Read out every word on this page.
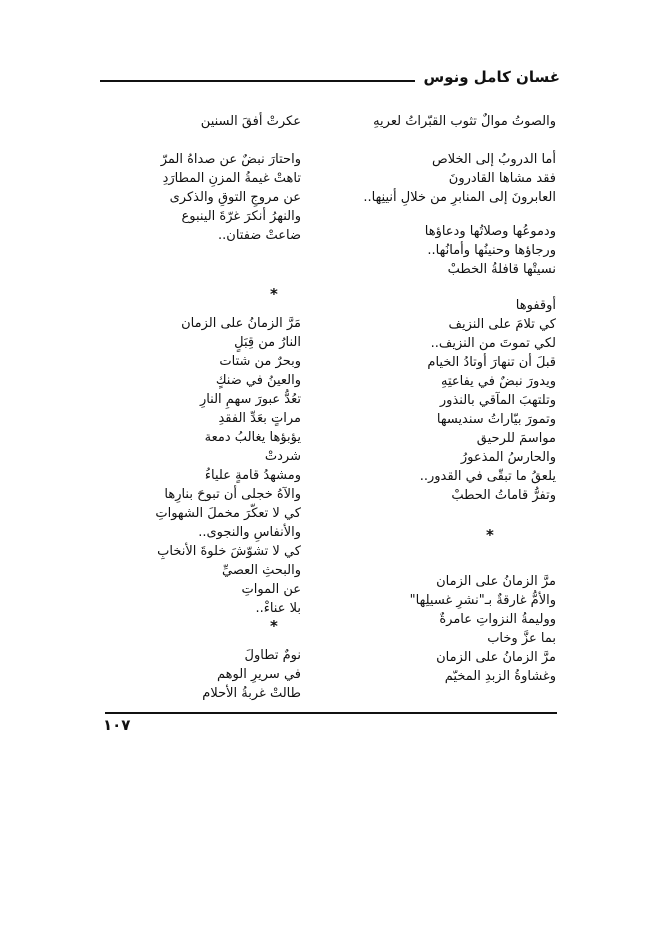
غسان كامل ونوس
والصوتُ موالٌ تثوب القبّراتُ لعريهِ
أما الدروبُ إلى الخلاص
فقد مشاها القادرونَ
العابرونَ إلى المنابرِ من خلالِ أنينِها..
ودموعُها وصلاتُها ودعاؤها
ورجاؤها وحنينُها وأمانُها..
نسيتْها قافلةُ الخطبْ
أوقفوها
كي تلامَ على النزيف
لكي تموتَ من النزيف..
قبلَ أن تنهارَ أوتادُ الخيام
ويدورَ نبضٌ في يفاعتِهِ
وتلتهبَ المآقي بالنذور
وتمورَ بيّاراتُ سنديسها
مواسمَ للرحيق
والحارسُ المذعورُ
يلعقُ ما تبقّى في القدور..
وتفرُّ قاماتُ الحطبْ
*
مرَّ الزمانُ على الزمان
والأمُّ غارقةٌ بـ"نشرِ غسيلِها"
ووليمةُ النزواتِ عامرةٌ
بما عزَّ وخاب
مرَّ الزمانُ على الزمان
وغشاوةُ الزبدِ المخيّم
عكرتْ أفقَ السنين
واحتارَ نبضٌ عن صداهُ المرّ
تاهتْ غيمةُ المزنِ المطارَدِ
عن مروجِ التوقِ والذكرى
والنهرُ أنكرَ غرّةَ الينبوع
ضاعتْ ضفتان..
*
مَرَّ الزمانُ على الزمان
النارُ من قِبَلٍ
وبحرٌ من شتات
والعينُ في ضنكٍ
تعُدُّ عبورَ سهمِ النارِ
مراتٍ بعَدِّ الفقدِ
يؤبؤها يغالبُ دمعة
شردتْ
ومشهدُ قامةٍ علياءُ
والآهُ خجلى أن تبوحَ بنارِها
كي لا تعكّرَ مخملَ الشهواتِ
والأنفاسِ والنجوى..
كي لا تشوّشَ خلوةَ الأنخابِ
والبحثِ العصيِّ
عن المواتِ
بلا عناءْ..
*
نومٌ تطاولَ
في سريرِ الوهم
طالتْ غربةُ الأحلام
١٠٧
